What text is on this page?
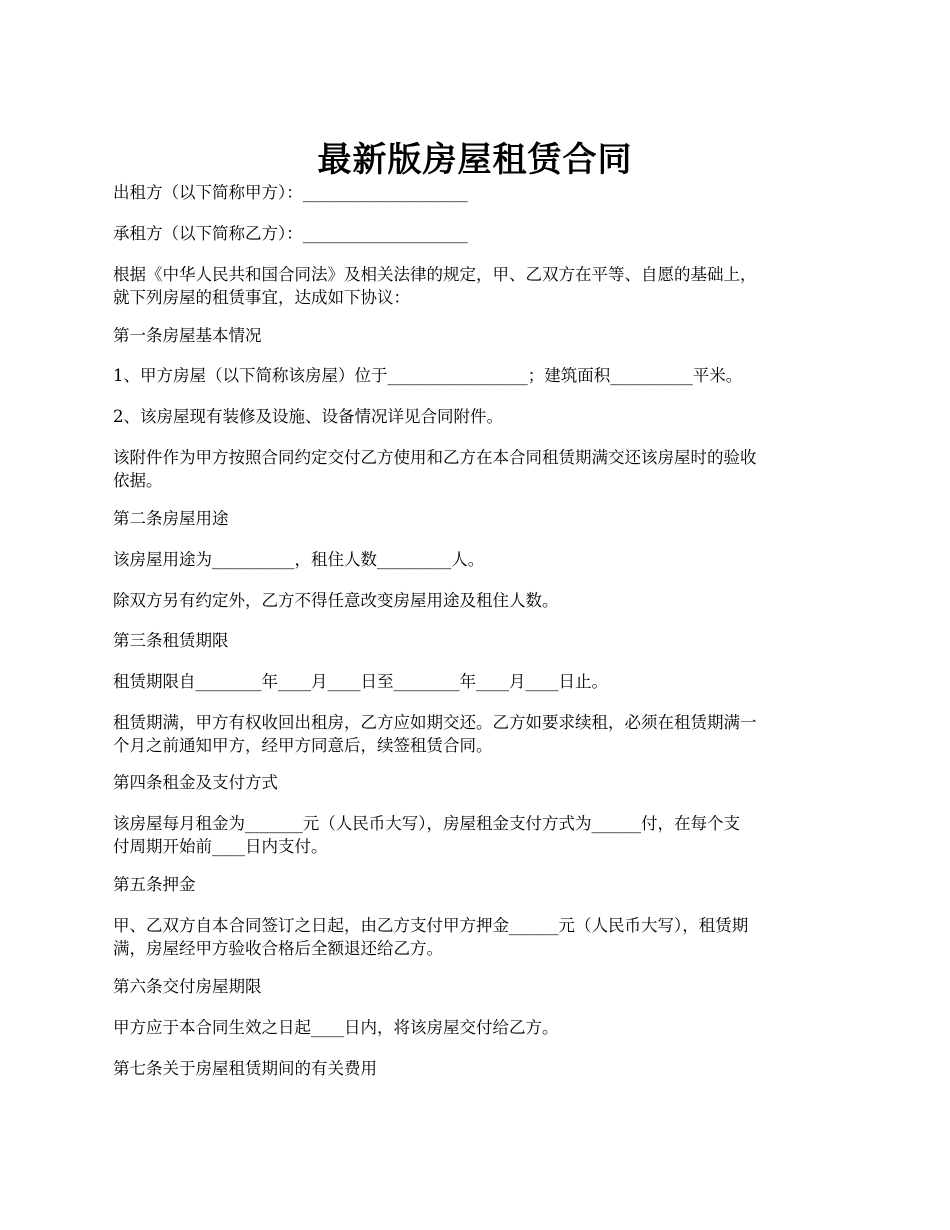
最新版房屋租赁合同
出租方（以下简称甲方）：____________________
承租方（以下简称乙方）：____________________
根据《中华人民共和国合同法》及相关法律的规定，甲、乙双方在平等、自愿的基础上，
就下列房屋的租赁事宜，达成如下协议：
第一条房屋基本情况
1、甲方房屋（以下简称该房屋）位于_________________；建筑面积__________平米。
2、该房屋现有装修及设施、设备情况详见合同附件。
该附件作为甲方按照合同约定交付乙方使用和乙方在本合同租赁期满交还该房屋时的验收
依据。
第二条房屋用途
该房屋用途为__________，租住人数_________人。
除双方另有约定外，乙方不得任意改变房屋用途及租住人数。
第三条租赁期限
租赁期限自________年____月____日至________年____月____日止。
租赁期满，甲方有权收回出租房，乙方应如期交还。乙方如要求续租，必须在租赁期满一
个月之前通知甲方，经甲方同意后，续签租赁合同。
第四条租金及支付方式
该房屋每月租金为_______元（人民币大写），房屋租金支付方式为______付，在每个支
付周期开始前____日内支付。
第五条押金
甲、乙双方自本合同签订之日起，由乙方支付甲方押金______元（人民币大写），租赁期
满，房屋经甲方验收合格后全额退还给乙方。
第六条交付房屋期限
甲方应于本合同生效之日起____日内，将该房屋交付给乙方。
第七条关于房屋租赁期间的有关费用
